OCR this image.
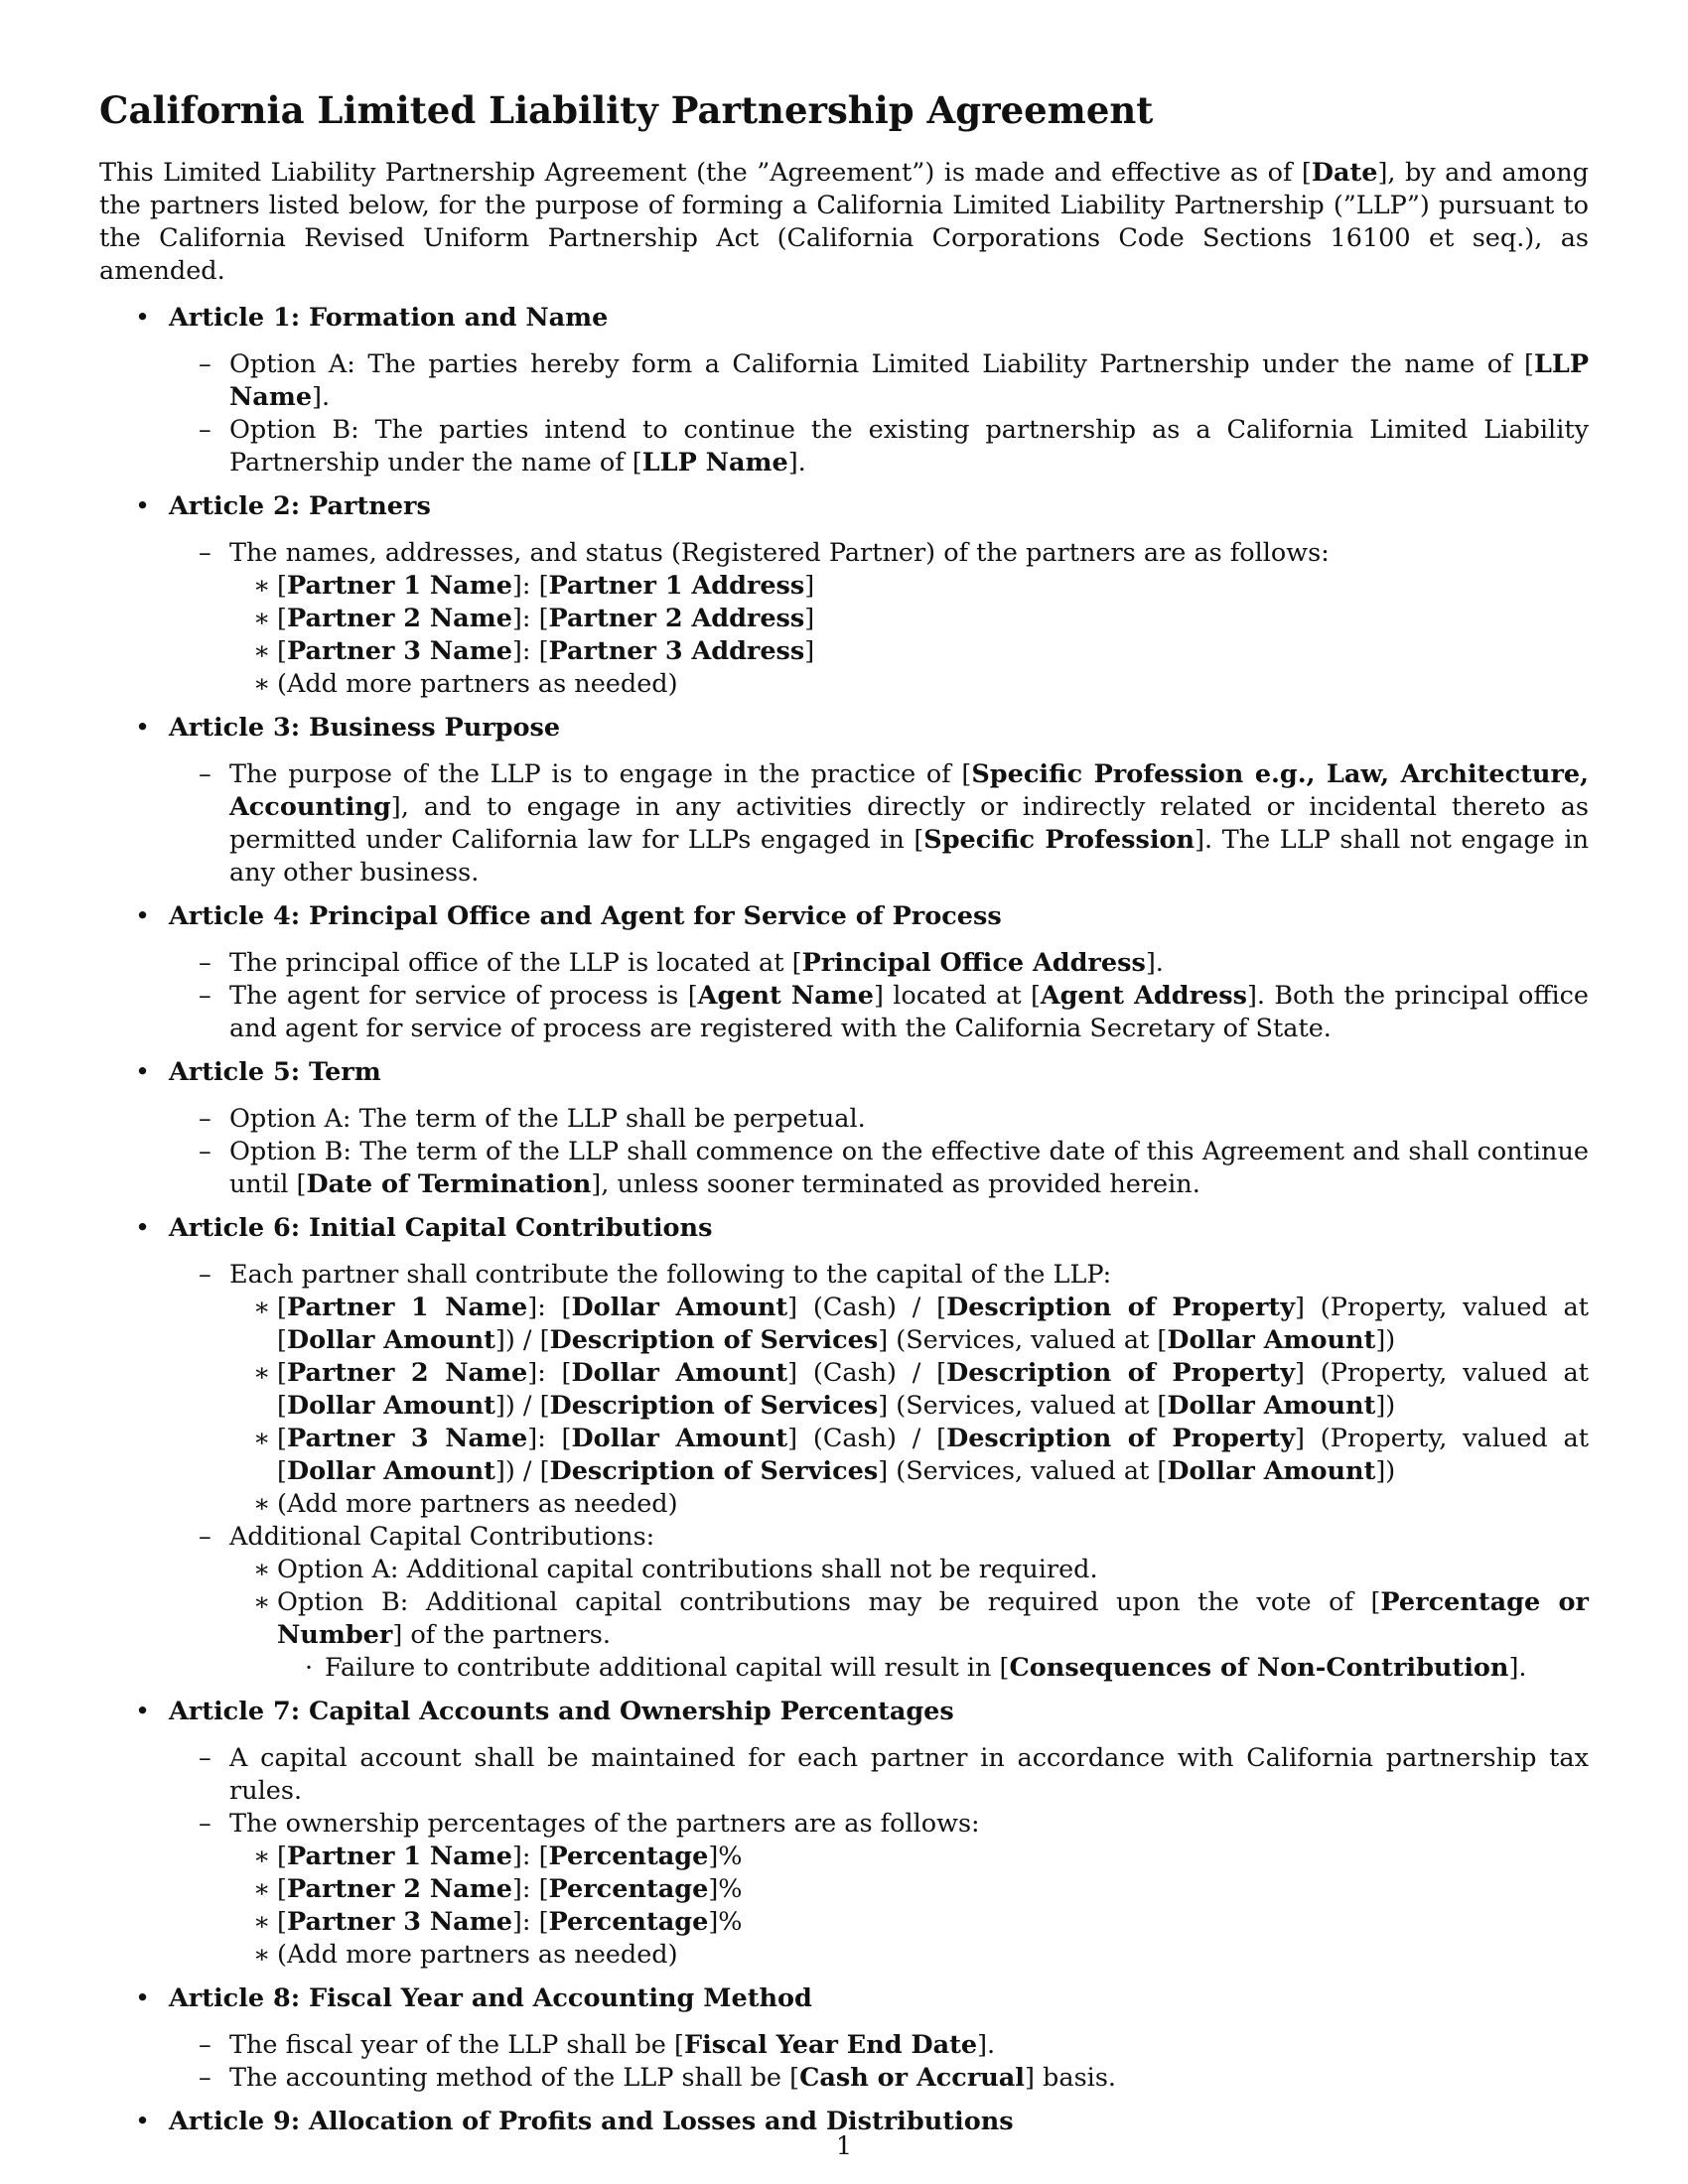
California Limited Liability Partnership Agreement

This Limited Liability Partnership Agreement (the ”Agreement”) is made and effective as of [Date], by and among the partners listed below, for the purpose of forming a California Limited Liability Partnership (”LLP”) pursuant to the California Revised Uniform Partnership Act (California Corporations Code Sections 16100 et seq.), as amended.

• Article 1: Formation and Name
– Option A: The parties hereby form a California Limited Liability Partnership under the name of [LLP Name].
– Option B: The parties intend to continue the existing partnership as a California Limited Liability Partnership under the name of [LLP Name].
• Article 2: Partners
– The names, addresses, and status (Registered Partner) of the partners are as follows:
∗ [Partner 1 Name]: [Partner 1 Address]
∗ [Partner 2 Name]: [Partner 2 Address]
∗ [Partner 3 Name]: [Partner 3 Address]
∗ (Add more partners as needed)
• Article 3: Business Purpose
– The purpose of the LLP is to engage in the practice of [Specific Profession e.g., Law, Architecture, Accounting], and to engage in any activities directly or indirectly related or incidental thereto as permitted under California law for LLPs engaged in [Specific Profession]. The LLP shall not engage in any other business.
• Article 4: Principal Office and Agent for Service of Process
– The principal office of the LLP is located at [Principal Office Address].
– The agent for service of process is [Agent Name] located at [Agent Address]. Both the principal office and agent for service of process are registered with the California Secretary of State.
• Article 5: Term
– Option A: The term of the LLP shall be perpetual.
– Option B: The term of the LLP shall commence on the effective date of this Agreement and shall continue until [Date of Termination], unless sooner terminated as provided herein.
• Article 6: Initial Capital Contributions
– Each partner shall contribute the following to the capital of the LLP:
∗ [Partner 1 Name]: [Dollar Amount] (Cash) / [Description of Property] (Property, valued at [Dollar Amount]) / [Description of Services] (Services, valued at [Dollar Amount])
∗ [Partner 2 Name]: [Dollar Amount] (Cash) / [Description of Property] (Property, valued at [Dollar Amount]) / [Description of Services] (Services, valued at [Dollar Amount])
∗ [Partner 3 Name]: [Dollar Amount] (Cash) / [Description of Property] (Property, valued at [Dollar Amount]) / [Description of Services] (Services, valued at [Dollar Amount])
∗ (Add more partners as needed)
– Additional Capital Contributions:
∗ Option A: Additional capital contributions shall not be required.
∗ Option B: Additional capital contributions may be required upon the vote of [Percentage or Number] of the partners.
· Failure to contribute additional capital will result in [Consequences of Non-Contribution].
• Article 7: Capital Accounts and Ownership Percentages
– A capital account shall be maintained for each partner in accordance with California partnership tax rules.
– The ownership percentages of the partners are as follows:
∗ [Partner 1 Name]: [Percentage]%
∗ [Partner 2 Name]: [Percentage]%
∗ [Partner 3 Name]: [Percentage]%
∗ (Add more partners as needed)
• Article 8: Fiscal Year and Accounting Method
– The fiscal year of the LLP shall be [Fiscal Year End Date].
– The accounting method of the LLP shall be [Cash or Accrual] basis.
• Article 9: Allocation of Profits and Losses and Distributions
1
